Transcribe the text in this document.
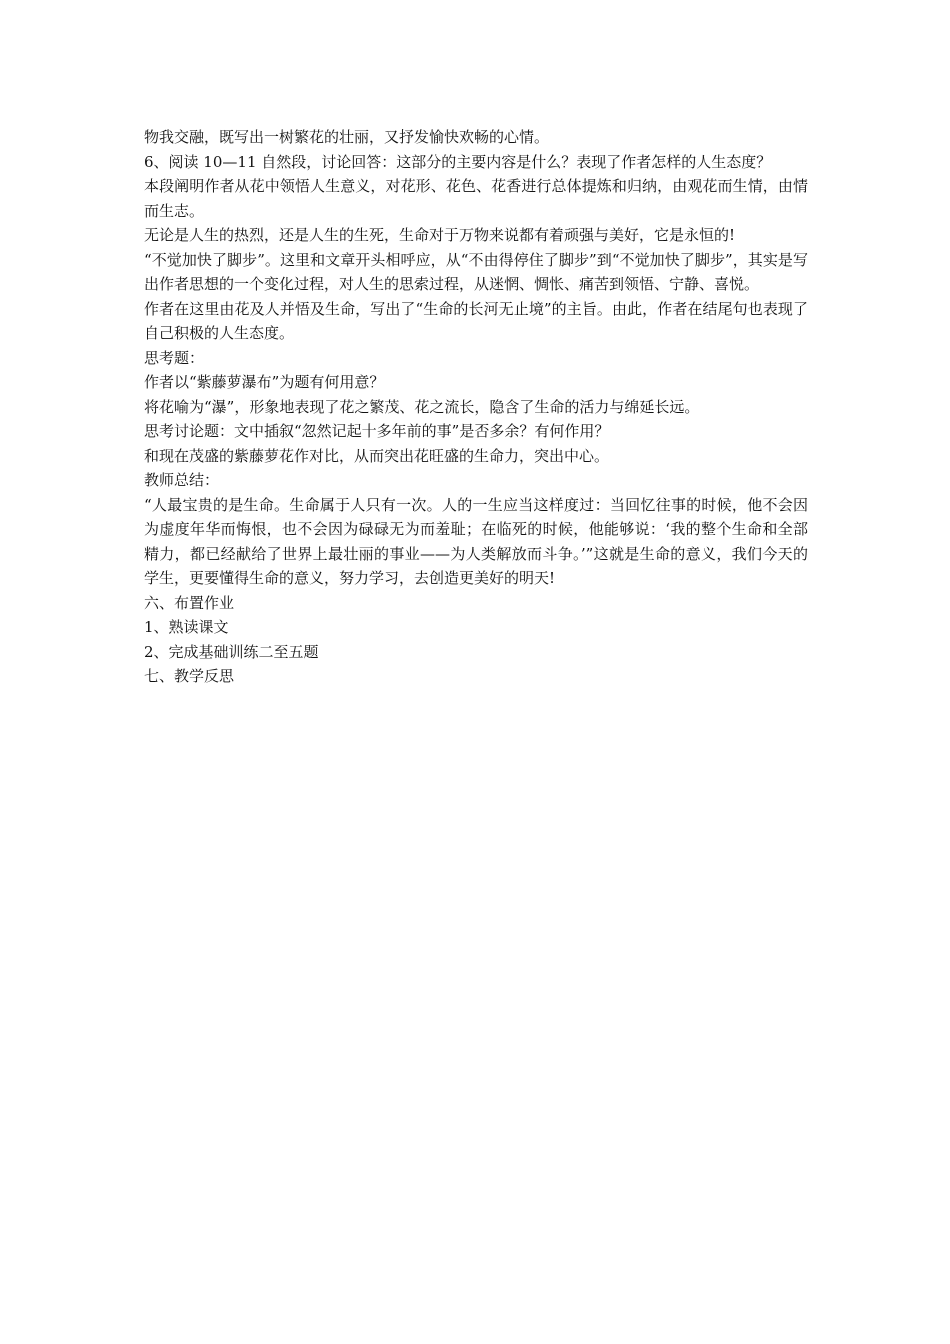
物我交融，既写出一树繁花的壮丽，又抒发愉快欢畅的心情。

6、阅读 10—11 自然段，讨论回答：这部分的主要内容是什么？表现了作者怎样的人生态度？

本段阐明作者从花中领悟人生意义，对花形、花色、花香进行总体提炼和归纳，由观花而生情，由情而生志。

无论是人生的热烈，还是人生的生死，生命对于万物来说都有着顽强与美好，它是永恒的!

“不觉加快了脚步”。这里和文章开头相呼应，从“不由得停住了脚步”到“不觉加快了脚步”，其实是写出作者思想的一个变化过程，对人生的思索过程，从迷惘、惆怅、痛苦到领悟、宁静、喜悦。

作者在这里由花及人并悟及生命，写出了“生命的长河无止境”的主旨。由此，作者在结尾句也表现了自己积极的人生态度。

思考题：

作者以“紫藤萝瀑布”为题有何用意？

将花喻为“瀑”，形象地表现了花之繁茂、花之流长，隐含了生命的活力与绵延长远。

思考讨论题：文中插叙“忽然记起十多年前的事”是否多余？有何作用？

和现在茂盛的紫藤萝花作对比，从而突出花旺盛的生命力，突出中心。

教师总结：

“人最宝贵的是生命。生命属于人只有一次。人的一生应当这样度过：当回忆往事的时候，他不会因为虚度年华而悔恨，也不会因为碌碌无为而羞耻；在临死的时候，他能够说：‘我的整个生命和全部精力，都已经献给了世界上最壮丽的事业——为人类解放而斗争。’”这就是生命的意义，我们今天的学生，更要懂得生命的意义，努力学习，去创造更美好的明天!

六、布置作业

1、熟读课文

2、完成基础训练二至五题

七、教学反思
